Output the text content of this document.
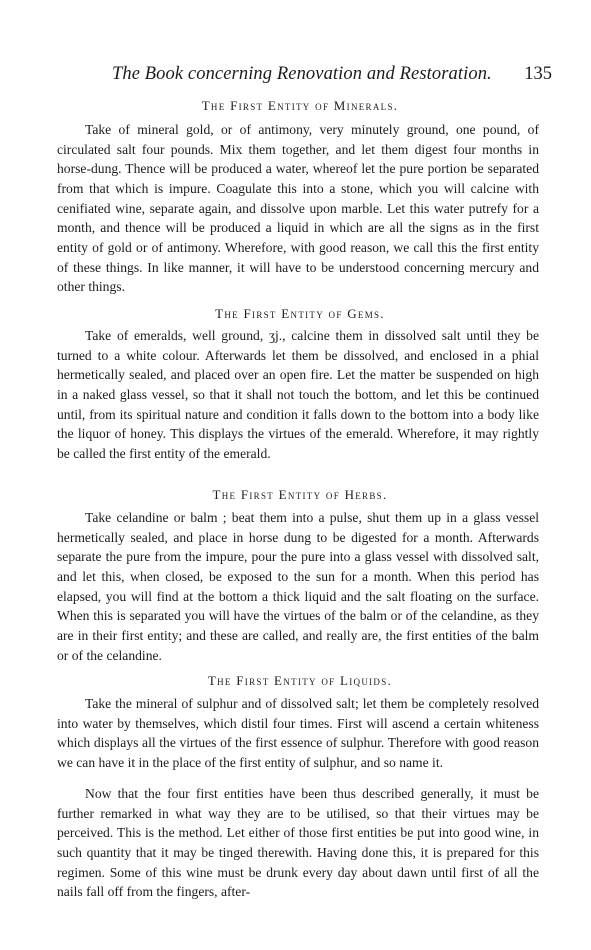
The Book concerning Renovation and Restoration. 135
The First Entity of Minerals.

Take of mineral gold, or of antimony, very minutely ground, one pound, of circulated salt four pounds. Mix them together, and let them digest four months in horse-dung. Thence will be produced a water, whereof let the pure portion be separated from that which is impure. Coagulate this into a stone, which you will calcine with cenifiated wine, separate again, and dissolve upon marble. Let this water putrefy for a month, and thence will be produced a liquid in which are all the signs as in the first entity of gold or of antimony. Wherefore, with good reason, we call this the first entity of these things. In like manner, it will have to be understood concerning mercury and other things.

The First Entity of Gems.

Take of emeralds, well ground, ʒj., calcine them in dissolved salt until they be turned to a white colour. Afterwards let them be dissolved, and enclosed in a phial hermetically sealed, and placed over an open fire. Let the matter be suspended on high in a naked glass vessel, so that it shall not touch the bottom, and let this be continued until, from its spiritual nature and condition it falls down to the bottom into a body like the liquor of honey. This displays the virtues of the emerald. Wherefore, it may rightly be called the first entity of the emerald.

The First Entity of Herbs.

Take celandine or balm ; beat them into a pulse, shut them up in a glass vessel hermetically sealed, and place in horse dung to be digested for a month. Afterwards separate the pure from the impure, pour the pure into a glass vessel with dissolved salt, and let this, when closed, be exposed to the sun for a month. When this period has elapsed, you will find at the bottom a thick liquid and the salt floating on the surface. When this is separated you will have the virtues of the balm or of the celandine, as they are in their first entity; and these are called, and really are, the first entities of the balm or of the celandine.

The First Entity of Liquids.

Take the mineral of sulphur and of dissolved salt; let them be completely resolved into water by themselves, which distil four times. First will ascend a certain whiteness which displays all the virtues of the first essence of sulphur. Therefore with good reason we can have it in the place of the first entity of sulphur, and so name it.

Now that the four first entities have been thus described generally, it must be further remarked in what way they are to be utilised, so that their virtues may be perceived. This is the method. Let either of those first entities be put into good wine, in such quantity that it may be tinged therewith. Having done this, it is prepared for this regimen. Some of this wine must be drunk every day about dawn until first of all the nails fall off from the fingers, after-
